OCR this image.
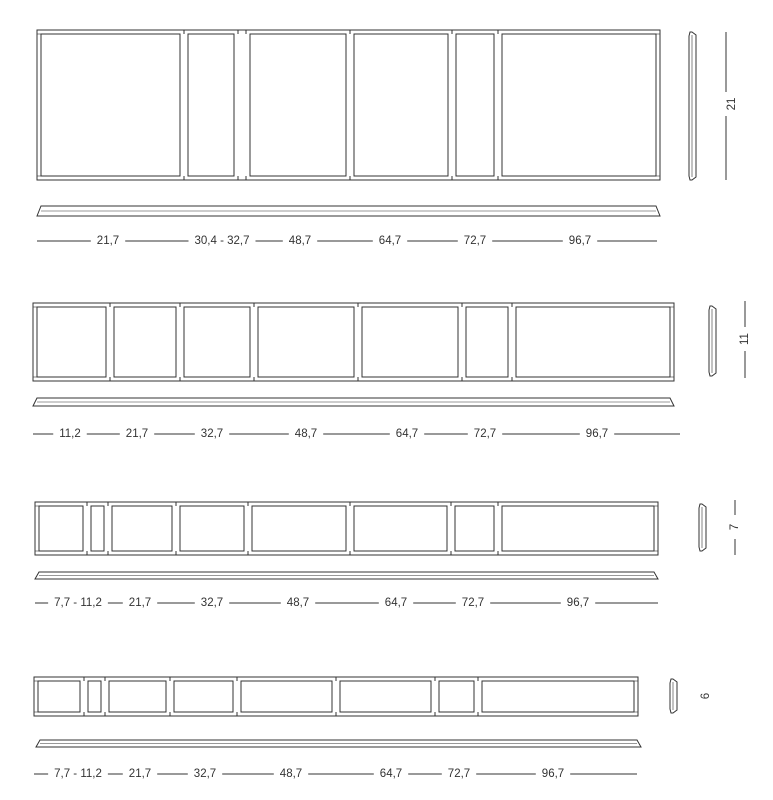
21
21,7	30,4 - 32,7	48,7	64,7	72,7	96,7
11
11,2	21,7	32,7	48,7	64,7	72,7	96,7
7
7,7 - 11,2 21,7	32,7	48,7	64,7	72,7	96,7
6
7,7 - 11,2 21,7	32,7	48,7	64,7	72,7	96,7
